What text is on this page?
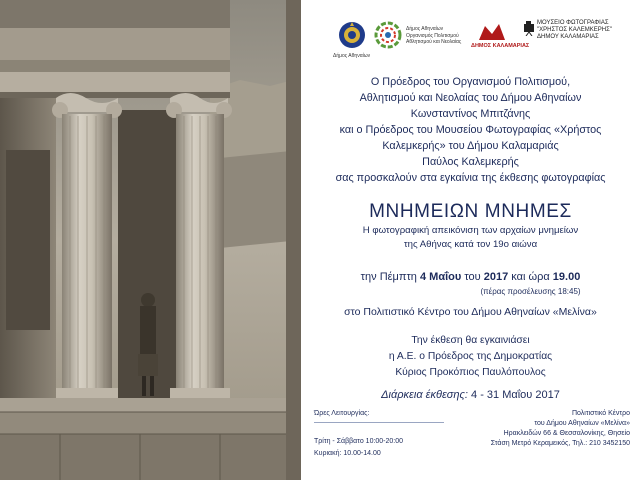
Δήμος Αθηναίων
Δήμος Αθηναίων
Οργανισμός Πολιτισμού
Αθλητισμού και Νεολαίας
ΔΗΜΟΣ ΚΑΛΑΜΑΡΙΑΣ
ΜΟΥΣΕΙΟ ΦΩΤΟΓΡΑΦΙΑΣ
"ΧΡΗΣΤΟΣ ΚΑΛΕΜΚΕΡΗΣ"
ΔΗΜΟΥ ΚΑΛΑΜΑΡΙΑΣ
Ο Πρόεδρος του Οργανισμού Πολιτισμού,
Αθλητισμού και Νεολαίας του Δήμου Αθηναίων
Κωνσταντίνος Μπιτζάνης
και ο Πρόεδρος του Μουσείου Φωτογραφίας «Χρήστος
Καλεμκερής» του Δήμου Καλαμαριάς
Παύλος Καλεμκερής
σας προσκαλούν στα εγκαίνια της έκθεσης φωτογραφίας
ΜΝΗΜΕΙΩΝ ΜΝΗΜΕΣ
Η φωτογραφική απεικόνιση των αρχαίων μνημείων
της Αθήνας κατά τον 19ο αιώνα
την Πέμπτη 4 Μαΐου του 2017 και ώρα 19.00
(πέρας προσέλευσης 18:45)
στο Πολιτιστικό Κέντρο του Δήμου Αθηναίων «Μελίνα»
Την έκθεση θα εγκαινιάσει
η Α.Ε. ο Πρόεδρος της Δημοκρατίας
Κύριος Προκόπιος Παυλόπουλος
Διάρκεια έκθεσης: 4 - 31 Μαΐου 2017
Ώρες Λειτουργίας:
Τρίτη - Σάββατο 10:00-20:00
Κυριακή: 10.00-14.00
Πολιτιστικό Κέντρο
του Δήμου Αθηναίων «Μελίνα»
Ηρακλειδών 66 & Θεσσαλονίκης, Θησείο
Στάση Μετρό Κεραμεικός, Τηλ.: 210 3452150
